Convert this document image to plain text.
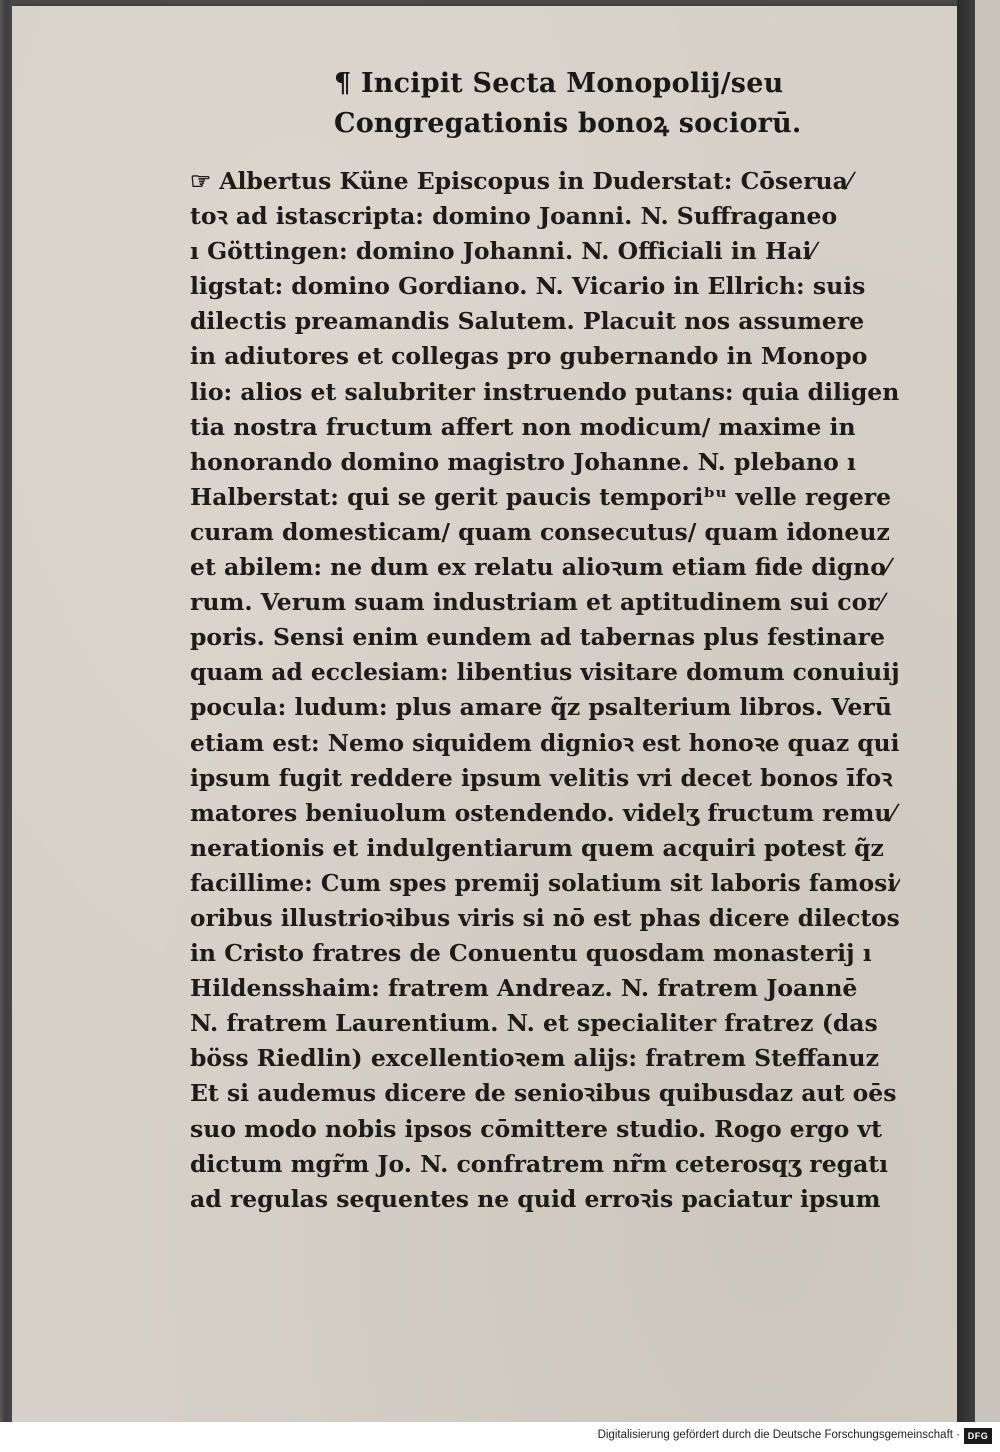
¶ Incipit Secta Monopolij/seu
Congregationis bonoꝝ sociorū.
☞ Albertus Küne Episcopus in Duderstat: Cōserua⁄
toꝛ ad istascripta: domino Joanni. N. Suffraganeo
ı Göttingen: domino Johanni. N. Officiali in Hai⁄
ligstat: domino Gordiano. N. Vicario in Ellrich: suis
dilectis preamandis Salutem. Placuit nos assumere
in adiutores et collegas pro gubernando in Monopo
lio: alios et salubriter instruendo putans: quia diligen
tia nostra fructum affert non modicum/ maxime in
honorando domino magistro Johanne. N. plebano ı
Halberstat: qui se gerit paucis temporiᵇᵘ velle regere
curam domesticam/ quam consecutus/ quam idoneuz
et abilem: ne dum ex relatu alioꝛum etiam fide digno⁄
rum. Verum suam industriam et aptitudinem sui cor⁄
poris. Sensi enim eundem ad tabernas plus festinare
quam ad ecclesiam: libentius visitare domum conuiuij
pocula: ludum: plus amare q̃z psalterium libros. Verū
etiam est: Nemo siquidem dignioꝛ est honoꝛe quaz qui
ipsum fugit reddere ipsum velitis vri decet bonos īfoꝛ
matores beniuolum ostendendo. videlʒ fructum remu⁄
nerationis et indulgentiarum quem acquiri potest q̃z
facillime: Cum spes premij solatium sit laboris famosi⁄
oribus illustrioꝛibus viris si nō est phas dicere dilectos
in Cristo fratres de Conuentu quosdam monasterij ı
Hildensshaim: fratrem Andreaz. N. fratrem Joannē
N. fratrem Laurentium. N. et specialiter fratrez (das
böss Riedlin) excellentioꝛem alijs: fratrem Steffanuz
Et si audemus dicere de senioꝛibus quibusdaz aut oēs
suo modo nobis ipsos cōmittere studio. Rogo ergo vt
dictum mgr̃m Jo. N. confratrem nr̃m ceterosqʒ regatı
ad regulas sequentes ne quid erroꝛis paciatur ipsum
Digitalisierung gefördert durch die Deutsche Forschungsgemeinschaft · DFG
